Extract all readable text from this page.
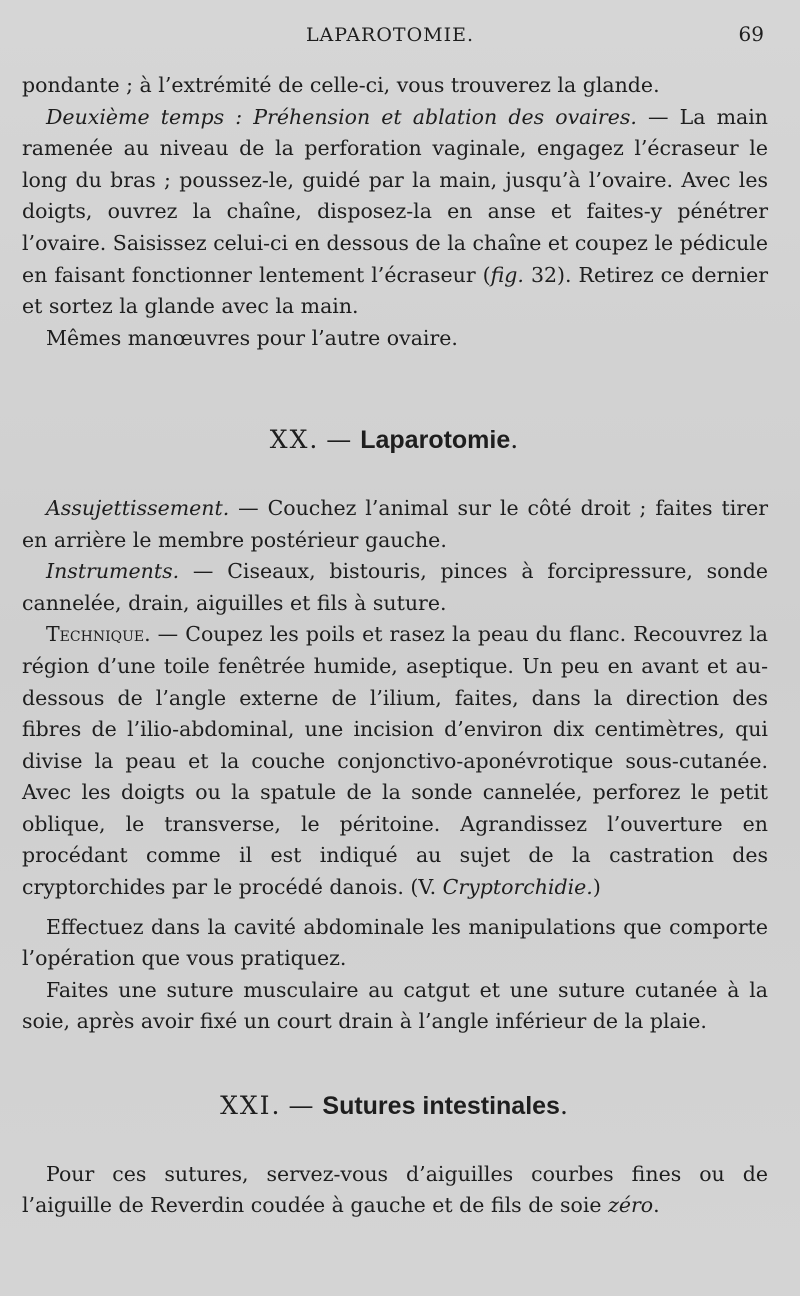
LAPAROTOMIE.	69

pondante ; à l’extrémité de celle-ci, vous trouverez la glande.

Deuxième temps : Préhension et ablation des ovaires. — La main ramenée au niveau de la perforation vaginale, engagez l’écraseur le long du bras ; poussez-le, guidé par la main, jusqu’à l’ovaire. Avec les doigts, ouvrez la chaîne, disposez-la en anse et faites-y pénétrer l’ovaire. Saisissez celui-ci en dessous de la chaîne et coupez le pédicule en faisant fonctionner lentement l’écraseur (fig. 32). Retirez ce dernier et sortez la glande avec la main.

Mêmes manœuvres pour l’autre ovaire.

XX. — Laparotomie.

Assujettissement. — Couchez l’animal sur le côté droit ; faites tirer en arrière le membre postérieur gauche.

Instruments. — Ciseaux, bistouris, pinces à forcipressure, sonde cannelée, drain, aiguilles et fils à suture.

Technique. — Coupez les poils et rasez la peau du flanc. Recouvrez la région d’une toile fenêtrée humide, aseptique. Un peu en avant et au-dessous de l’angle externe de l’ilium, faites, dans la direction des fibres de l’ilio-abdominal, une incision d’environ dix centimètres, qui divise la peau et la couche conjonctivo-aponévrotique sous-cutanée. Avec les doigts ou la spatule de la sonde cannelée, perforez le petit oblique, le transverse, le péritoine. Agrandissez l’ouverture en procédant comme il est indiqué au sujet de la castration des cryptorchides par le procédé danois. (V. Cryptorchidie.)

Effectuez dans la cavité abdominale les manipulations que comporte l’opération que vous pratiquez.

Faites une suture musculaire au catgut et une suture cutanée à la soie, après avoir fixé un court drain à l’angle inférieur de la plaie.

XXI. — Sutures intestinales.

Pour ces sutures, servez-vous d’aiguilles courbes fines ou de l’aiguille de Reverdin coudée à gauche et de fils de soie zéro.
